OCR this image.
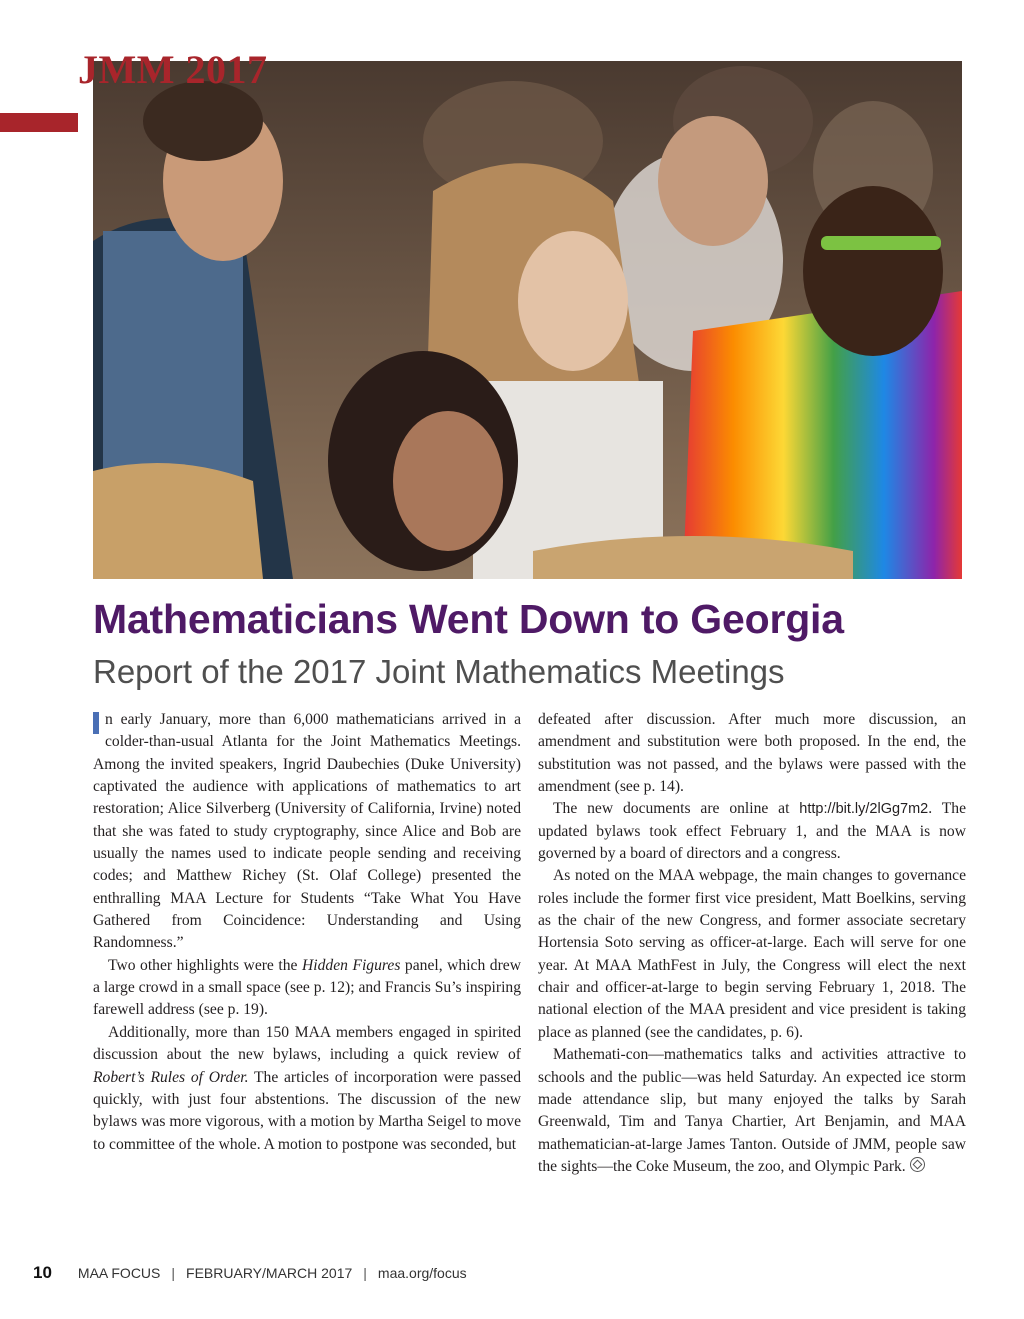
JMM 2017
Mathematicians Went Down to Georgia
Report of the 2017 Joint Mathematics Meetings

n early January, more than 6,000 mathematicians arrived in a colder-than-usual Atlanta for the Joint Mathematics Meetings. Among the invited speakers, Ingrid Daubechies (Duke University) captivated the audience with applications of mathematics to art restoration; Alice Silverberg (University of California, Irvine) noted that she was fated to study cryptography, since Alice and Bob are usually the names used to indicate people sending and receiving codes; and Matthew Richey (St. Olaf College) presented the enthralling MAA Lecture for Students “Take What You Have Gathered from Coincidence: Understanding and Using Randomness.”

Two other highlights were the Hidden Figures panel, which drew a large crowd in a small space (see p. 12); and Francis Su’s inspiring farewell address (see p. 19).

Additionally, more than 150 MAA members engaged in spirited discussion about the new bylaws, including a quick review of Robert’s Rules of Order. The articles of incorporation were passed quickly, with just four abstentions. The discussion of the new bylaws was more vigorous, with a motion by Martha Seigel to move to committee of the whole. A motion to postpone was seconded, but

defeated after discussion. After much more discussion, an amendment and substitution were both proposed. In the end, the substitution was not passed, and the bylaws were passed with the amendment (see p. 14).

The new documents are online at http://bit.ly/2lGg7m2. The updated bylaws took effect February 1, and the MAA is now governed by a board of directors and a congress.

As noted on the MAA webpage, the main changes to governance roles include the former first vice president, Matt Boelkins, serving as the chair of the new Congress, and former associate secretary Hortensia Soto serving as officer-at-large. Each will serve for one year. At MAA MathFest in July, the Congress will elect the next chair and officer-at-large to begin serving February 1, 2018. The national election of the MAA president and vice president is taking place as planned (see the candidates, p. 6).

Mathemati-con—mathematics talks and activities attractive to schools and the public—was held Saturday. An expected ice storm made attendance slip, but many enjoyed the talks by Sarah Greenwald, Tim and Tanya Chartier, Art Benjamin, and MAA mathematician-at-large James Tanton. Outside of JMM, people saw the sights—the Coke Museum, the zoo, and Olympic Park.

10 MAA FOCUS | FEBRUARY/MARCH 2017 | maa.org/focus
